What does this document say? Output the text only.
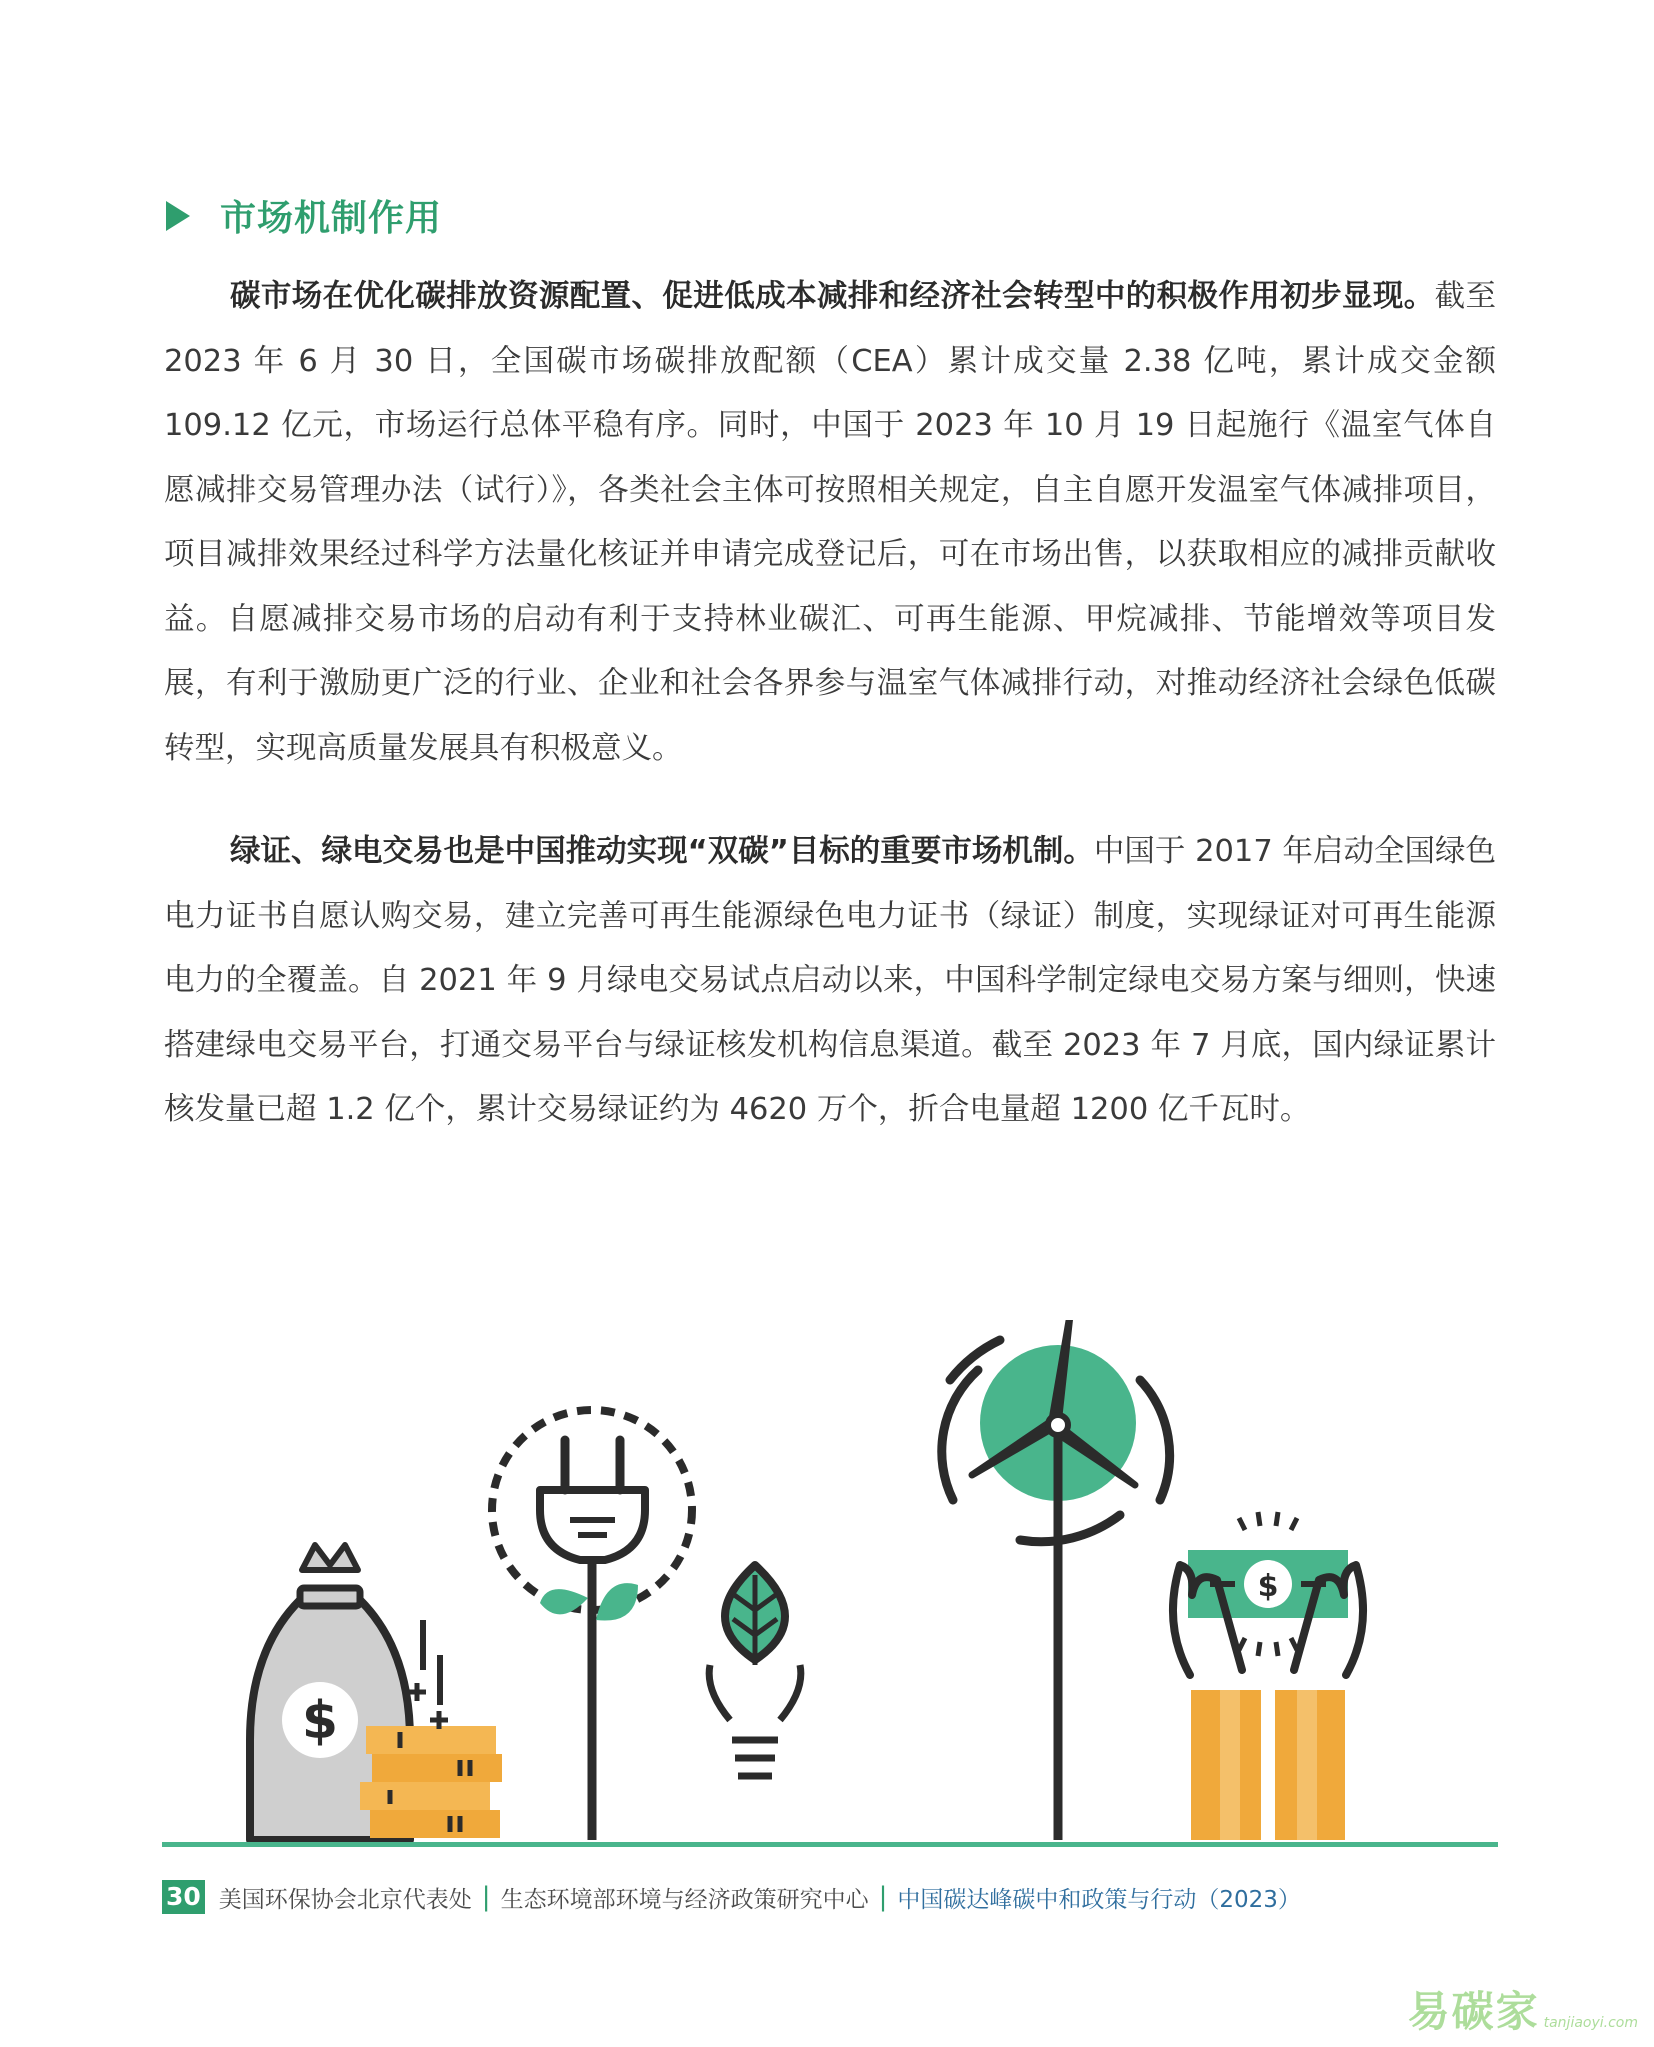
市场机制作用

碳市场在优化碳排放资源配置、促进低成本减排和经济社会转型中的积极作用初步显现。截至 2023 年 6 月 30 日，全国碳市场碳排放配额（CEA）累计成交量 2.38 亿吨，累计成交金额 109.12 亿元，市场运行总体平稳有序。同时，中国于 2023 年 10 月 19 日起施行《温室气体自愿减排交易管理办法（试行）》，各类社会主体可按照相关规定，自主自愿开发温室气体减排项目，项目减排效果经过科学方法量化核证并申请完成登记后，可在市场出售，以获取相应的减排贡献收益。自愿减排交易市场的启动有利于支持林业碳汇、可再生能源、甲烷减排、节能增效等项目发展，有利于激励更广泛的行业、企业和社会各界参与温室气体减排行动，对推动经济社会绿色低碳转型，实现高质量发展具有积极意义。

绿证、绿电交易也是中国推动实现“双碳”目标的重要市场机制。中国于 2017 年启动全国绿色电力证书自愿认购交易，建立完善可再生能源绿色电力证书（绿证）制度，实现绿证对可再生能源电力的全覆盖。自 2021 年 9 月绿电交易试点启动以来，中国科学制定绿电交易方案与细则，快速搭建绿电交易平台，打通交易平台与绿证核发机构信息渠道。截至 2023 年 7 月底，国内绿证累计核发量已超 1.2 亿个，累计交易绿证约为 4620 万个，折合电量超 1200 亿千瓦时。

$
$
30 美国环保协会北京代表处 | 生态环境部环境与经济政策研究中心 | 中国碳达峰碳中和政策与行动（2023）
易碳家 tanjiaoyi.com
